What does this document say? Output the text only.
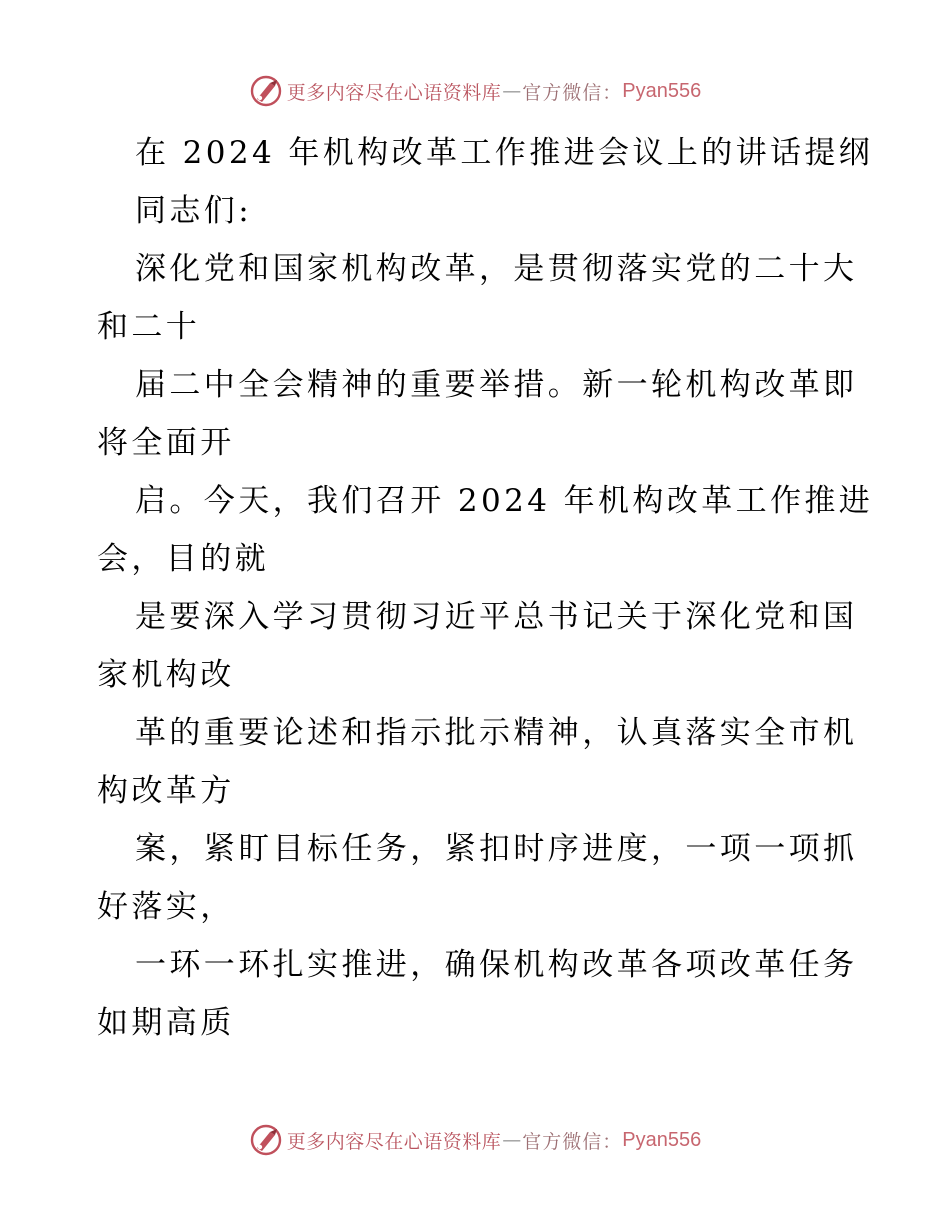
更多内容尽在心语资料库 — 官方微信： Pyan556
在 2024 年机构改革工作推进会议上的讲话提纲
同志们:
深化党和国家机构改革，是贯彻落实党的二十大
和二十
届二中全会精神的重要举措。新一轮机构改革即
将全面开
启。今天，我们召开 2024 年机构改革工作推进
会，目的就
是要深入学习贯彻习近平总书记关于深化党和国
家机构改
革的重要论述和指示批示精神，认真落实全市机
构改革方
案，紧盯目标任务，紧扣时序进度，一项一项抓
好落实，
一环一环扎实推进，确保机构改革各项改革任务
如期高质
更多内容尽在心语资料库 — 官方微信： Pyan556
